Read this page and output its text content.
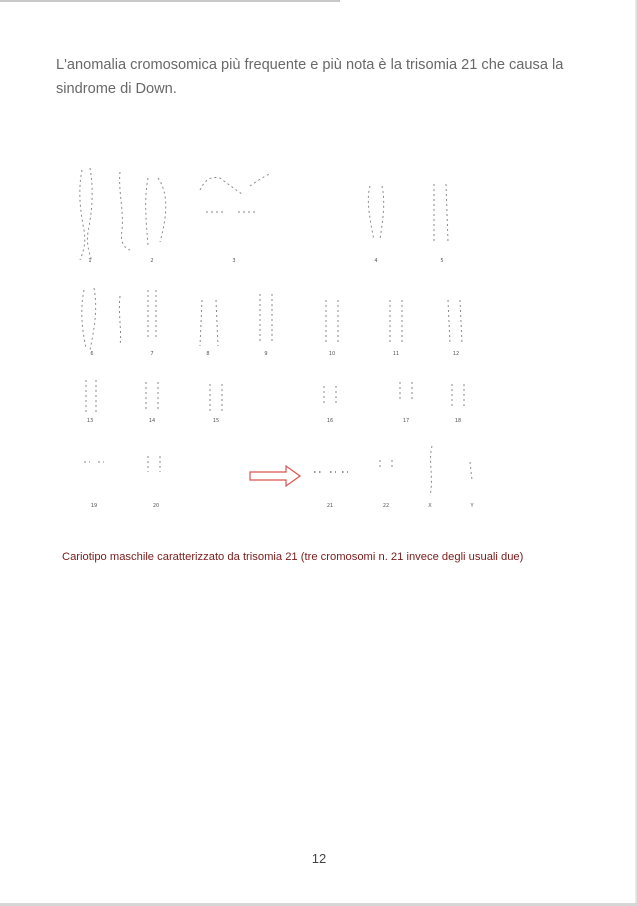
L'anomalia cromosomica più frequente e più nota è la trisomia 21 che causa la sindrome di Down.

1	2	3
6	7	8	9
13	14	15
19	20
4	5
10	11	12
16	17	18
21	22	X	Y

Cariotipo maschile caratterizzato da trisomia 21 (tre cromosomi n. 21 invece degli usuali due)

12
